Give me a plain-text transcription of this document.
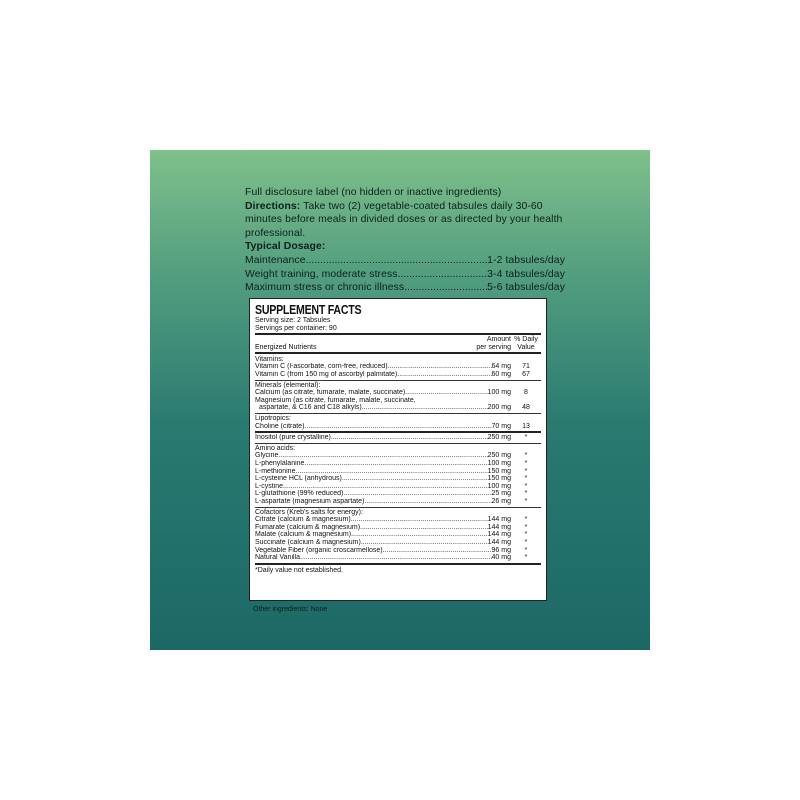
Full disclosure label (no hidden or inactive ingredients)
Directions: Take two (2) vegetable-coated tabsules daily 30-60 minutes before meals in divided doses or as directed by your health professional.
Typical Dosage:
Maintenance .....	1-2 tabsules/day
Weight training, moderate stress .....	3-4 tabsules/day
Maximum stress or chronic illness .....	5-6 tabsules/day
SUPPLEMENT FACTS
Serving size: 2 Tabsules
Servings per container: 90
Energized Nutrients
Amount
per serving
% Daily
Value
Vitamins:
Vitamin C (l-ascorbate, corn-free, reduced) .....	64 mg	71
Vitamin C (from 150 mg of ascorbyl palmitate) .....	60 mg	67
Minerals (elemental):
Calcium (as citrate, fumarate, malate, succinate) .....	100 mg	8
Magnesium (as citrate, fumarate, malate, succinate,
aspartate, & C16 and C18 alkyls) .....	200 mg	48
Lipotropics:
Choline (citrate) .....	70 mg	13
Inositol (pure crystalline) .....	250 mg	*
Amino acids:
Glycine .....	250 mg	*
L-phenylalanine .....	100 mg	*
L-methionine .....	150 mg	*
L-cysteine HCL (anhydrous) .....	150 mg	*
L-cystine .....	100 mg	*
L-glutathione (99% reduced) .....	25 mg	*
L-aspartate (magnesium aspartate) .....	26 mg	*
Cofactors (Kreb's salts for energy):
Citrate (calcium & magnesium) .....	144 mg	*
Fumarate (calcium & magnesium) .....	144 mg	*
Malate (calcium & magnesium) .....	144 mg	*
Succinate (calcium & magnesium) .....	144 mg	*
Vegetable Fiber (organic croscarmellose) .....	96 mg	*
Natural Vanilla .....	40 mg	*
*Daily value not established.
Other ingredients: None
